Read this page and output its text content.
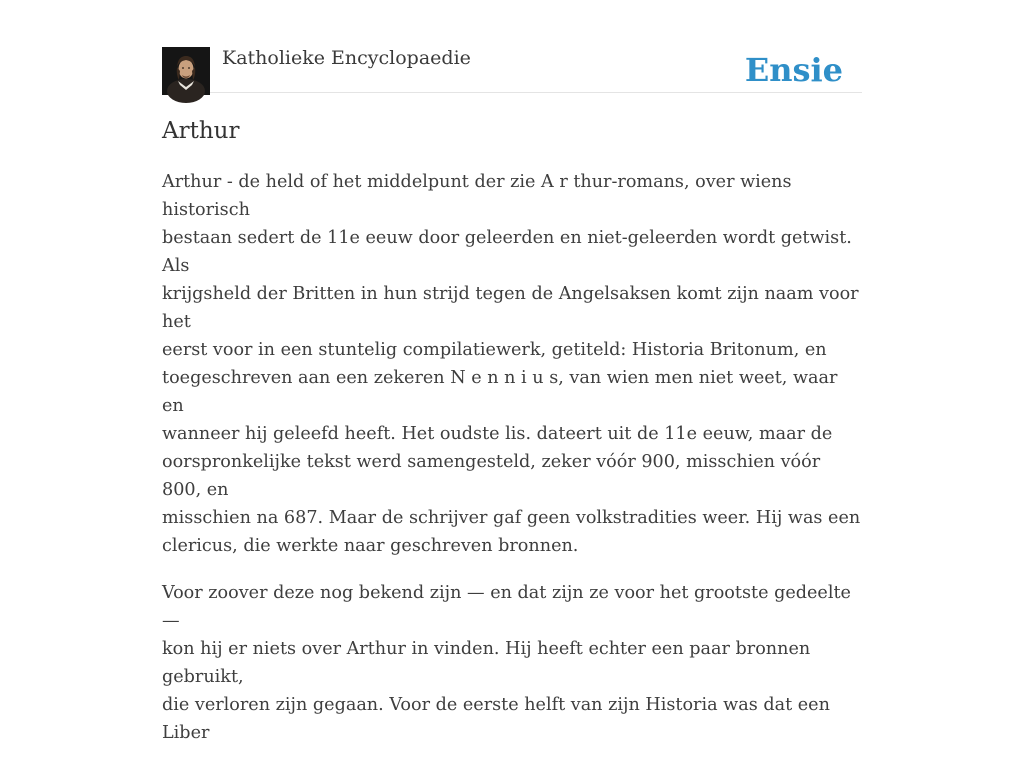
Katholieke Encyclopaedie	Ensie
Arthur

Arthur - de held of het middelpunt der zie A r thur-romans, over wiens historisch
bestaan sedert de 11e eeuw door geleerden en niet-geleerden wordt getwist. Als
krijgsheld der Britten in hun strijd tegen de Angelsaksen komt zijn naam voor het
eerst voor in een stuntelig compilatiewerk, getiteld: Historia Britonum, en
toegeschreven aan een zekeren N e n n i u s, van wien men niet weet, waar en
wanneer hij geleefd heeft. Het oudste lis. dateert uit de 11e eeuw, maar de
oorspronkelijke tekst werd samengesteld, zeker vóór 900, misschien vóór 800, en
misschien na 687. Maar de schrijver gaf geen volkstradities weer. Hij was een
clericus, die werkte naar geschreven bronnen.

Voor zoover deze nog bekend zijn — en dat zijn ze voor het grootste gedeelte —
kon hij er niets over Arthur in vinden. Hij heeft echter een paar bronnen gebruikt,
die verloren zijn gegaan. Voor de eerste helft van zijn Historia was dat een Liber
